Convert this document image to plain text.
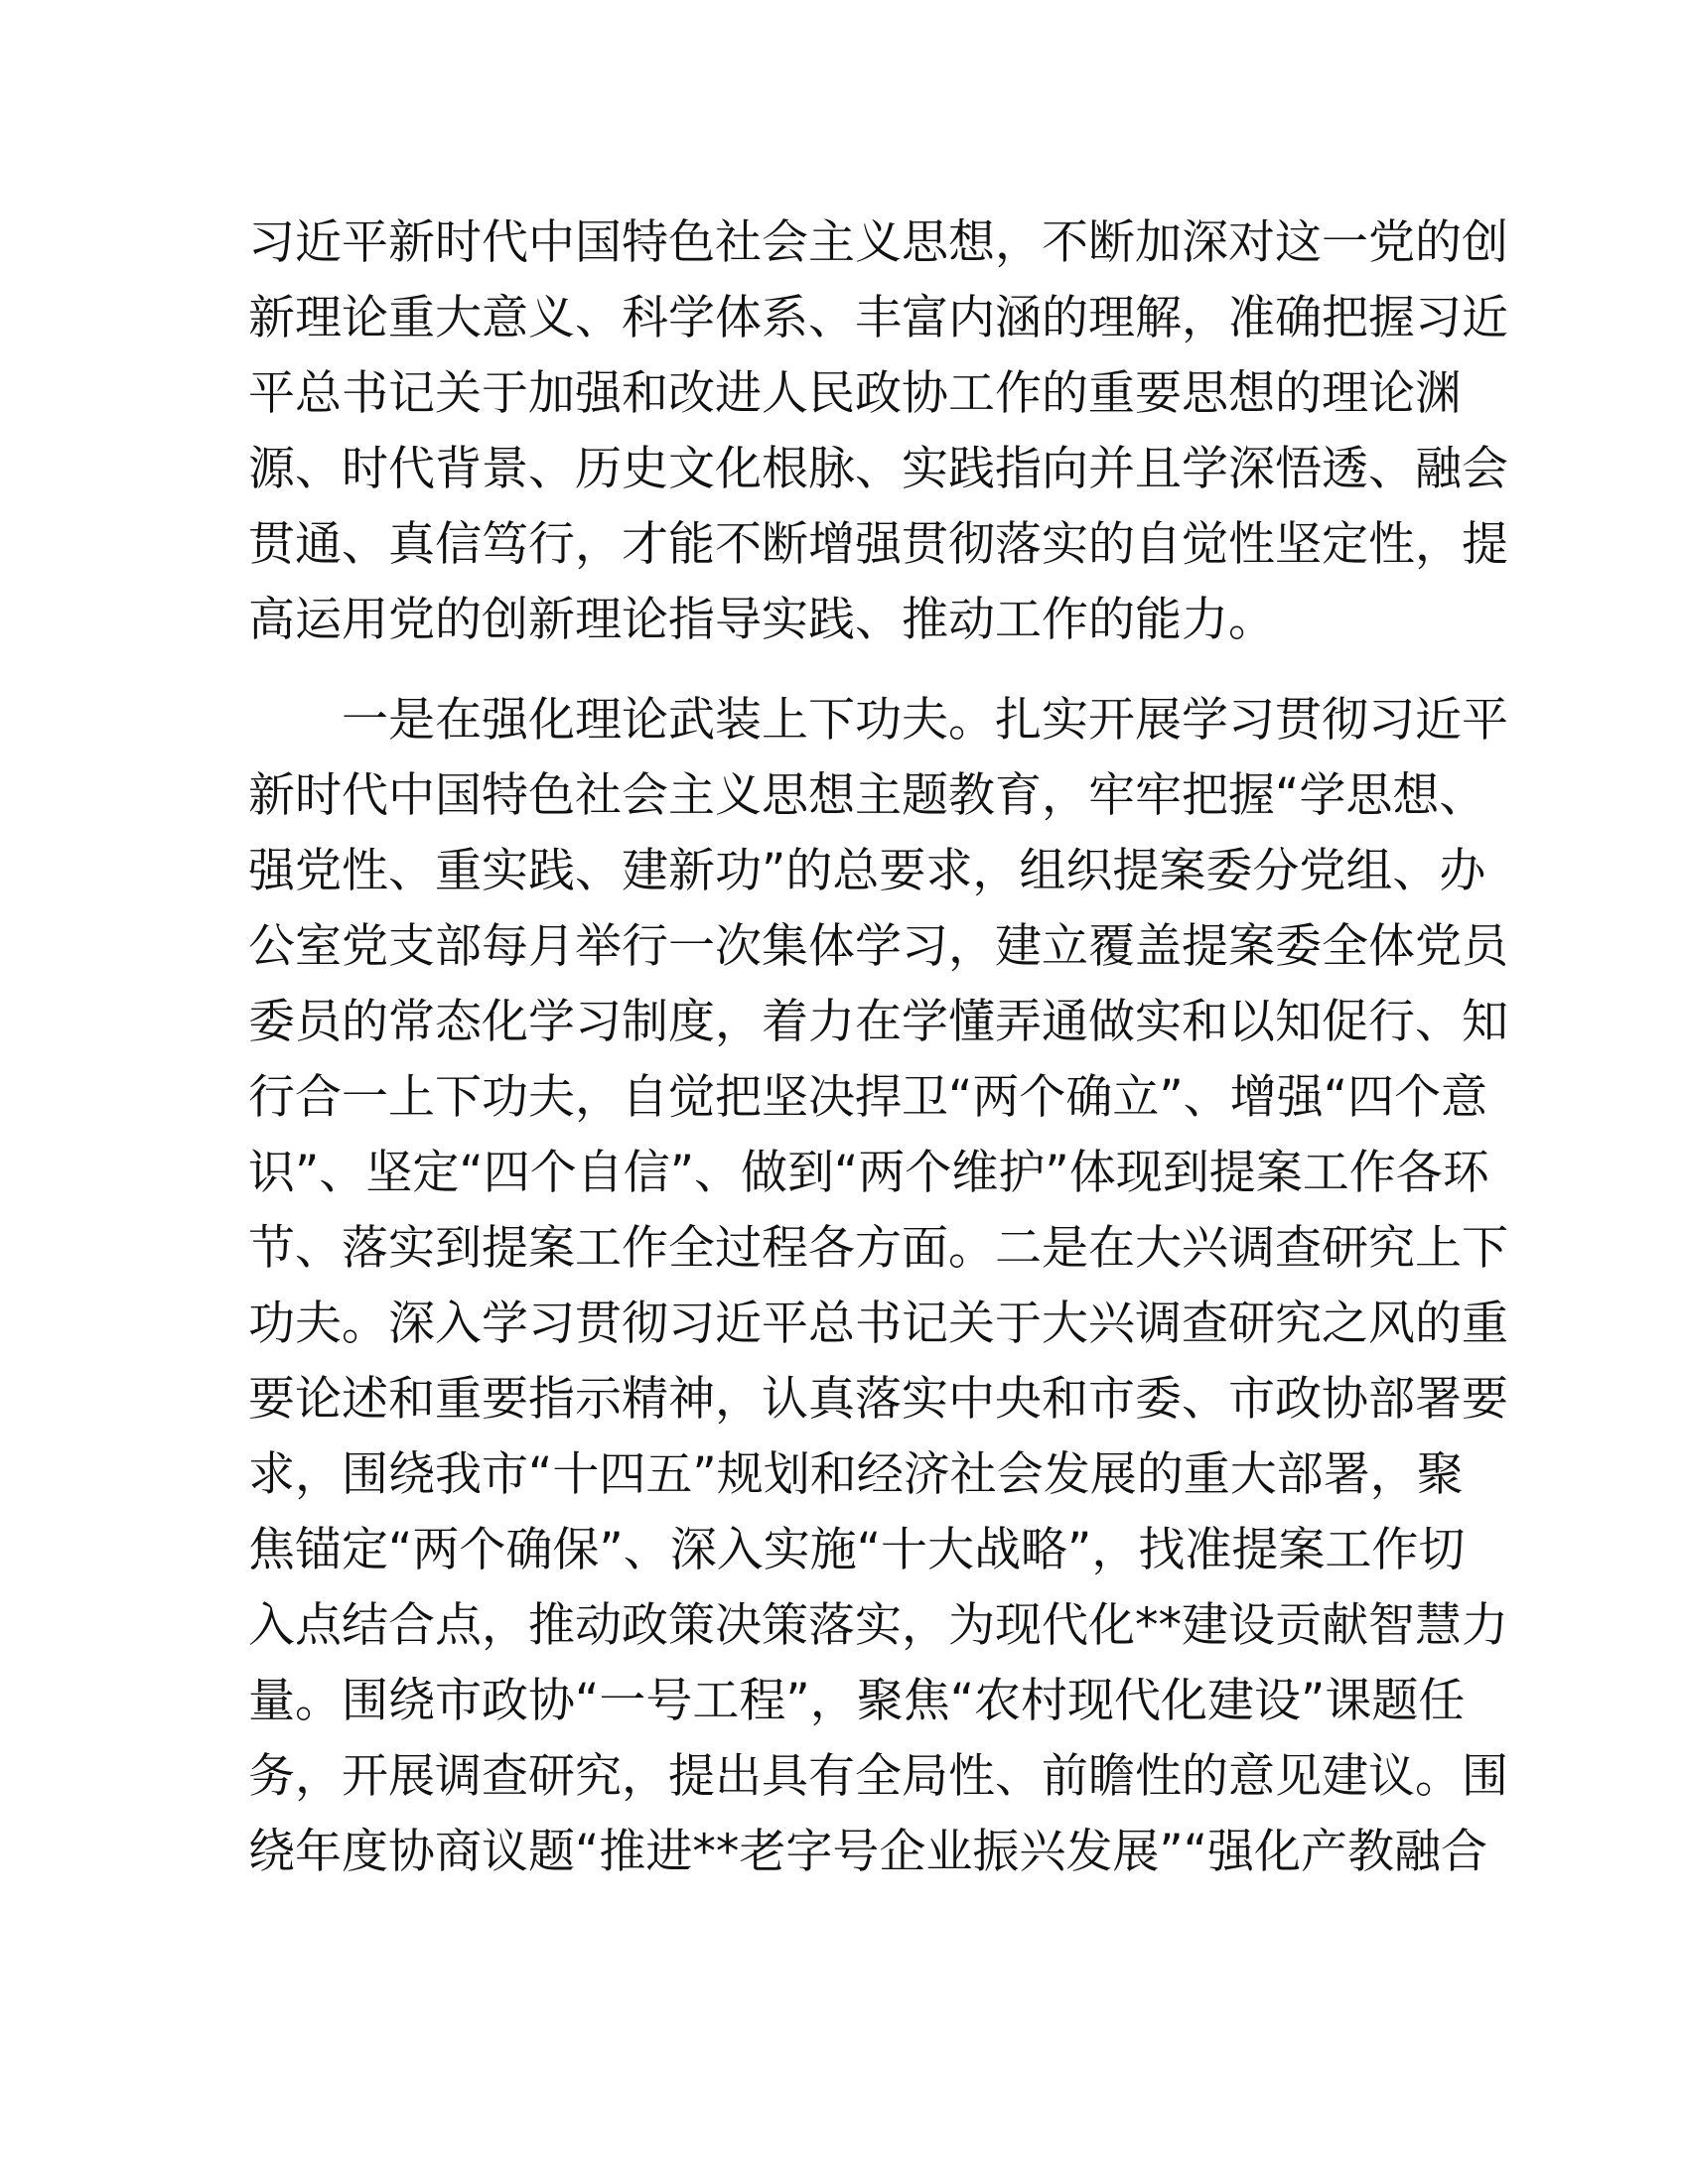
习近平新时代中国特色社会主义思想，不断加深对这一党的创
新理论重大意义、科学体系、丰富内涵的理解，准确把握习近
平总书记关于加强和改进人民政协工作的重要思想的理论渊
源、时代背景、历史文化根脉、实践指向并且学深悟透、融会
贯通、真信笃行，才能不断增强贯彻落实的自觉性坚定性，提
高运用党的创新理论指导实践、推动工作的能力。
　　一是在强化理论武装上下功夫。扎实开展学习贯彻习近平
新时代中国特色社会主义思想主题教育，牢牢把握“学思想、
强党性、重实践、建新功”的总要求，组织提案委分党组、办
公室党支部每月举行一次集体学习，建立覆盖提案委全体党员
委员的常态化学习制度，着力在学懂弄通做实和以知促行、知
行合一上下功夫，自觉把坚决捍卫“两个确立”、增强“四个意
识”、坚定“四个自信”、做到“两个维护”体现到提案工作各环
节、落实到提案工作全过程各方面。二是在大兴调查研究上下
功夫。深入学习贯彻习近平总书记关于大兴调查研究之风的重
要论述和重要指示精神，认真落实中央和市委、市政协部署要
求，围绕我市“十四五”规划和经济社会发展的重大部署，聚
焦锚定“两个确保”、深入实施“十大战略”，找准提案工作切
入点结合点，推动政策决策落实，为现代化**建设贡献智慧力
量。围绕市政协“一号工程”，聚焦“农村现代化建设”课题任
务，开展调查研究，提出具有全局性、前瞻性的意见建议。围
绕年度协商议题“推进**老字号企业振兴发展”“强化产教融合
